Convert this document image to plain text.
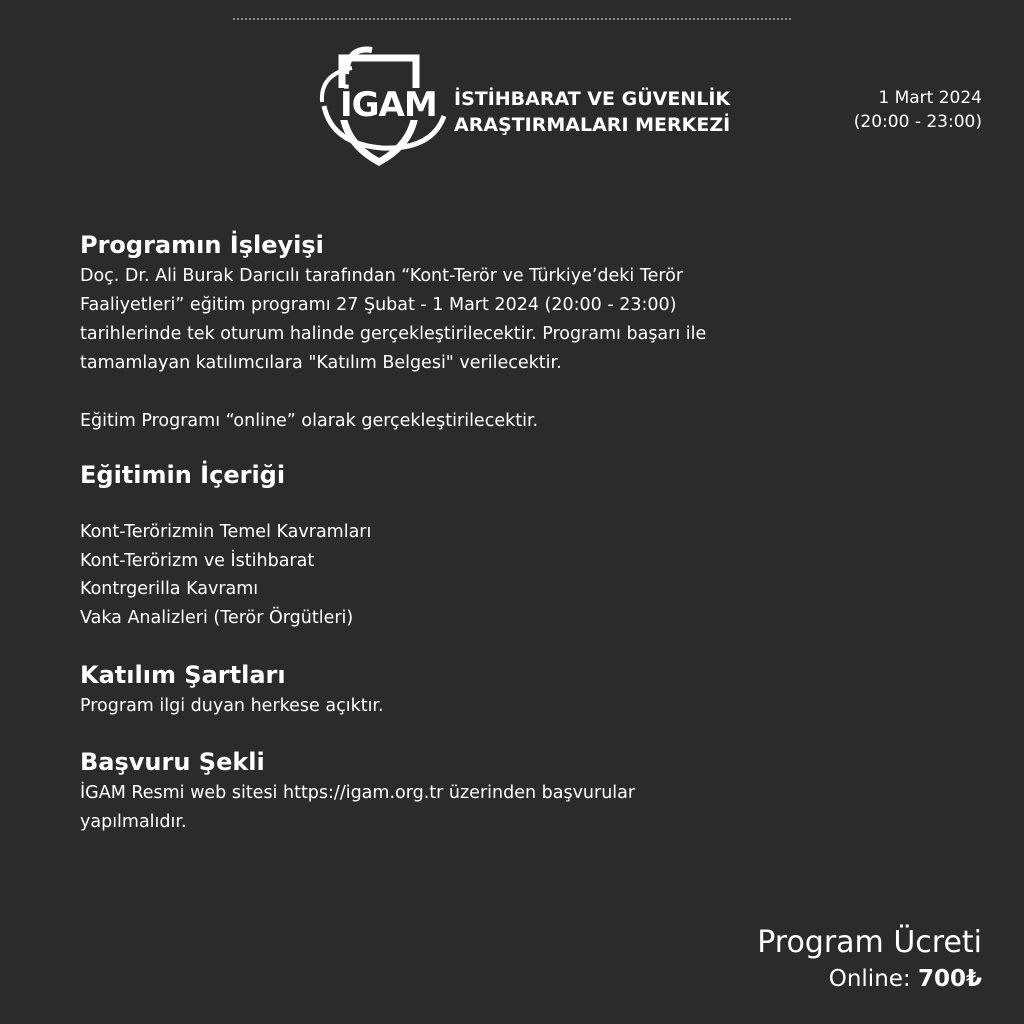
İGAM İSTİHBARAT VE GÜVENLİK
ARAŞTIRMALARI MERKEZİ
1 Mart 2024
(20:00 - 23:00)
Programın İşleyişi

Doç. Dr. Ali Burak Darıcılı tarafından “Kont-Terör ve Türkiye’deki Terör

Faaliyetleri” eğitim programı 27 Şubat - 1 Mart 2024 (20:00 - 23:00)

tarihlerinde tek oturum halinde gerçekleştirilecektir. Programı başarı ile

tamamlayan katılımcılara "Katılım Belgesi" verilecektir.

Eğitim Programı “online” olarak gerçekleştirilecektir.

Eğitimin İçeriği
Kont-Terörizmin Temel Kavramları
Kont-Terörizm ve İstihbarat
Kontrgerilla Kavramı
Vaka Analizleri (Terör Örgütleri)
Katılım Şartları

Program ilgi duyan herkese açıktır.

Başvuru Şekli

İGAM Resmi web sitesi https://igam.org.tr üzerinden başvurular

yapılmalıdır.

Program Ücreti
Online: 700₺
